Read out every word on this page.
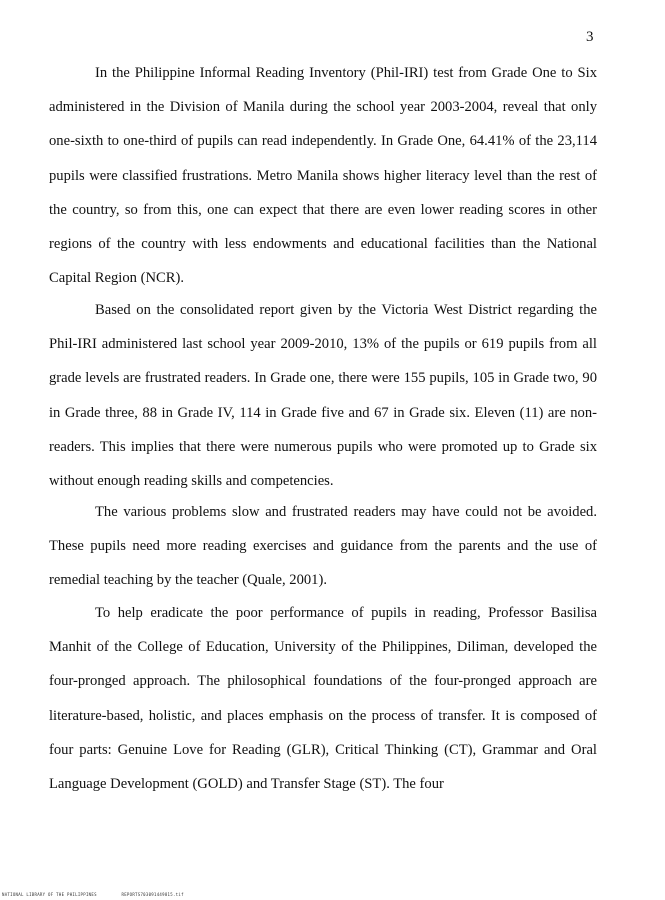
3

In the Philippine Informal Reading Inventory (Phil-IRI) test from Grade One to Six administered in the Division of Manila during the school year 2003-2004, reveal that only one-sixth to one-third of pupils can read independently. In Grade One, 64.41% of the 23,114 pupils were classified frustrations. Metro Manila shows higher literacy level than the rest of the country, so from this, one can expect that there are even lower reading scores in other regions of the country with less endowments and educational facilities than the National Capital Region (NCR).

Based on the consolidated report given by the Victoria West District regarding the Phil-IRI administered last school year 2009-2010, 13% of the pupils or 619 pupils from all grade levels are frustrated readers. In Grade one, there were 155 pupils, 105 in Grade two, 90 in Grade three, 88 in Grade IV, 114 in Grade five and 67 in Grade six. Eleven (11) are non-readers. This implies that there were numerous pupils who were promoted up to Grade six without enough reading skills and competencies.

The various problems slow and frustrated readers may have could not be avoided. These pupils need more reading exercises and guidance from the parents and the use of remedial teaching by the teacher (Quale, 2001).

To help eradicate the poor performance of pupils in reading, Professor Basilisa Manhit of the College of Education, University of the Philippines, Diliman, developed the four-pronged approach. The philosophical foundations of the four-pronged approach are literature-based, holistic, and places emphasis on the process of transfer. It is composed of four parts: Genuine Love for Reading (GLR), Critical Thinking (CT), Grammar and Oral Language Development (GOLD) and Transfer Stage (ST). The four

NATIONAL LIBRARY OF THE PHILIPPINES	REPORTS703091449815.tif
